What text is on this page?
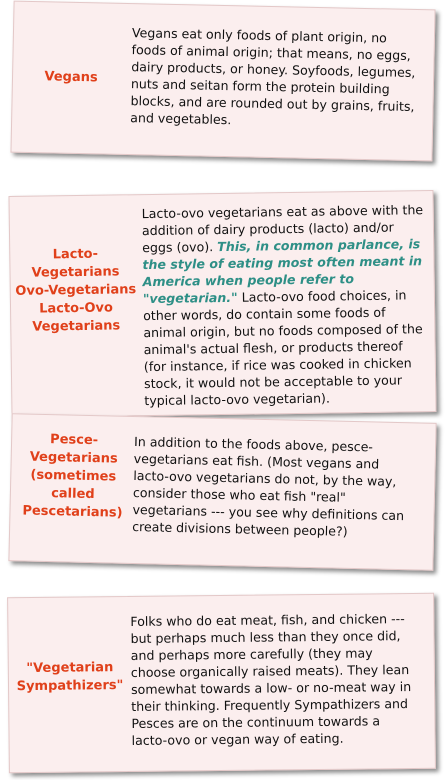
Vegans
Vegans eat only foods of plant origin, no
foods of animal origin; that means, no eggs,
dairy products, or honey. Soyfoods, legumes,
nuts and seitan form the protein building
blocks, and are rounded out by grains, fruits,
and vegetables.
Lacto-
Vegetarians
Ovo-Vegetarians
Lacto-Ovo
Vegetarians
Lacto-ovo vegetarians eat as above with the
addition of dairy products (lacto) and/or
eggs (ovo). This, in common parlance, is
the style of eating most often meant in
America when people refer to
"vegetarian." Lacto-ovo food choices, in
other words, do contain some foods of
animal origin, but no foods composed of the
animal's actual flesh, or products thereof
(for instance, if rice was cooked in chicken
stock, it would not be acceptable to your
typical lacto-ovo vegetarian).
Pesce-
Vegetarians
(sometimes
called
Pescetarians)
In addition to the foods above, pesce-
vegetarians eat fish. (Most vegans and
lacto-ovo vegetarians do not, by the way,
consider those who eat fish "real"
vegetarians --- you see why definitions can
create divisions between people?)
"Vegetarian
Sympathizers"
Folks who do eat meat, fish, and chicken ---
but perhaps much less than they once did,
and perhaps more carefully (they may
choose organically raised meats). They lean
somewhat towards a low- or no-meat way in
their thinking. Frequently Sympathizers and
Pesces are on the continuum towards a
lacto-ovo or vegan way of eating.
